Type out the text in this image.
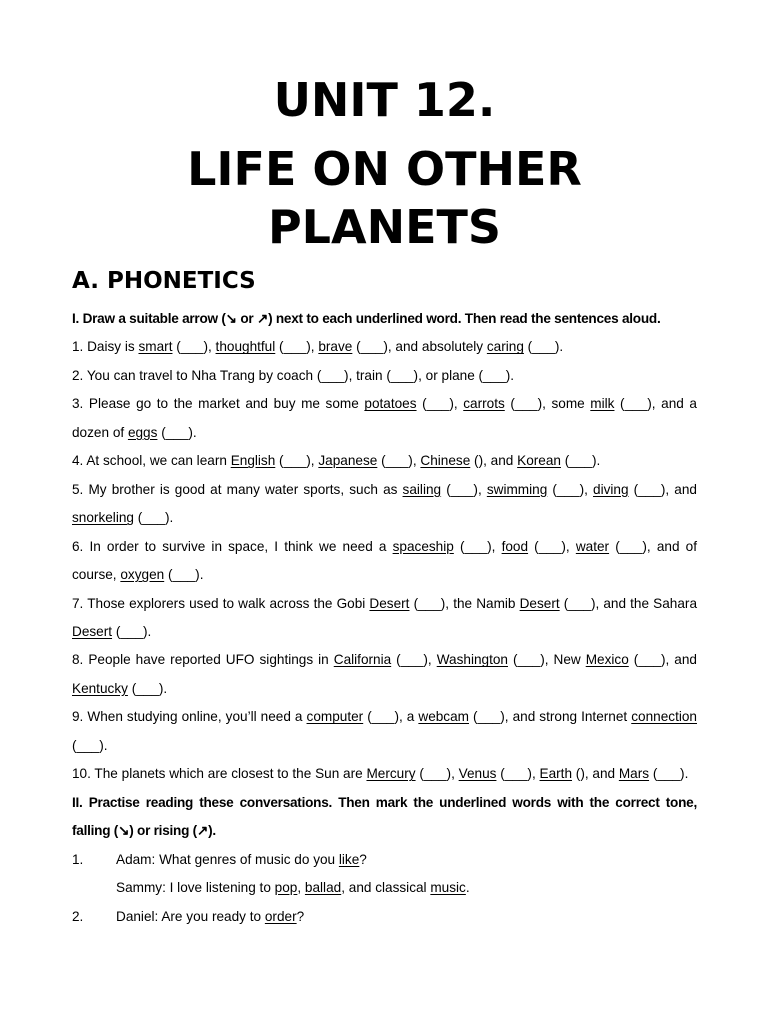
UNIT 12.
LIFE ON OTHER
PLANETS
A. PHONETICS
I. Draw a suitable arrow (↘ or ↗) next to each underlined word. Then read the sentences aloud.
1. Daisy is smart (___), thoughtful (___), brave (___), and absolutely caring (___).
2. You can travel to Nha Trang by coach (___), train (___), or plane (___).
3. Please go to the market and buy me some potatoes (___), carrots (___), some milk (___), and a dozen of eggs (___).
4. At school, we can learn English (___), Japanese (___), Chinese (), and Korean (___).
5. My brother is good at many water sports, such as sailing (___), swimming (___), diving (___), and snorkeling (___).
6. In order to survive in space, I think we need a spaceship (___), food (___), water (___), and of course, oxygen (___).
7. Those explorers used to walk across the Gobi Desert (___), the Namib Desert (___), and the Sahara Desert (___).
8. People have reported UFO sightings in California (___), Washington (___), New Mexico (___), and Kentucky (___).
9. When studying online, you’ll need a computer (___), a webcam (___), and strong Internet connection (___).
10. The planets which are closest to the Sun are Mercury (___), Venus (___), Earth (), and Mars (___).
II. Practise reading these conversations. Then mark the underlined words with the correct tone, falling (↘) or rising (↗).
1.	Adam: What genres of music do you like?
Sammy: I love listening to pop, ballad, and classical music.
2.	Daniel: Are you ready to order?
